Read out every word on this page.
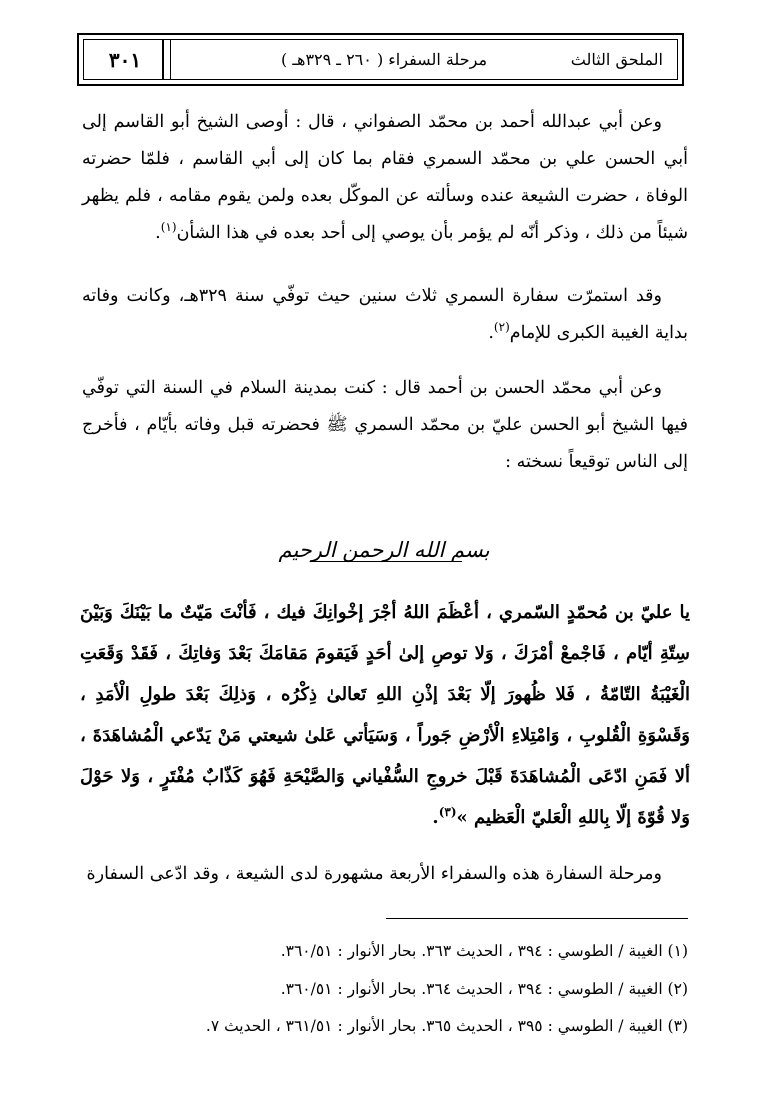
٣٠١	مرحلة السفراء ( ٢٦٠ ـ ٣٢٩هـ )	الملحق الثالث

وعن أبي عبدالله أحمد بن محمّد الصفواني ، قال : أوصى الشيخ أبو القاسم إلى أبي الحسن علي بن محمّد السمري فقام بما كان إلى أبي القاسم ، فلمّا حضرته الوفاة ، حضرت الشيعة عنده وسألته عن الموكّل بعده ولمن يقوم مقامه ، فلم يظهر شيئاً من ذلك ، وذكر أنّه لم يؤمر بأن يوصي إلى أحد بعده في هذا الشأن$^{(١)}$.

وقد استمرّت سفارة السمري ثلاث سنين حيث توفّي سنة ٣٢٩هـ، وكانت وفاته بداية الغيبة الكبرى للإمام$^{(٢)}$.

وعن أبي محمّد الحسن بن أحمد قال : كنت بمدينة السلام في السنة التي توفّي فيها الشيخ أبو الحسن عليّ بن محمّد السمري ﷺ فحضرته قبل وفاته بأيّام ، فأخرج إلى الناس توقيعاً نسخته :

بسم الله الرحمن الرحيم

يا عليّ بن مُحمّدٍ السّمري ، أعْظَمَ اللهُ أجْرَ إخْوانِكَ فيك ، فَأنْتَ مَيّتٌ ما بَيْنَكَ وَبَيْنَ سِتّةِ أيّام ، فَاجْمعْ أمْرَكَ ، وَلا توصِ إلىٰ أحَدٍ فَيَقومَ مَقامَكَ بَعْدَ وَفاتِكَ ، فَقَدْ وَقَعَتِ الْغَيْبَةُ التّامّةُ ، فَلا ظُهورَ إلّا بَعْدَ إذْنِ اللهِ تَعالىٰ ذِكْرُه ، وَذلِكَ بَعْدَ طولِ الْأمَدِ ، وَقَسْوَةِ الْقُلوبِ ، وَامْتِلاءِ الْأرْضِ جَوراً ، وَسَيَأتي عَلىٰ شيعتي مَنْ يَدّعي الْمُشاهَدَةَ ، ألا فَمَنِ ادّعَى الْمُشاهَدَةَ قَبْلَ خروجِ السُّفْياني وَالصَّيْحَةِ فَهُوَ كَذّابٌ مُفْتَرٍ ، وَلا حَوْلَ وَلا قُوّةَ إلّا بِاللهِ الْعَليّ الْعَظيم »$^{(٣)}$.

ومرحلة السفارة هذه والسفراء الأربعة مشهورة لدى الشيعة ، وقد ادّعى السفارة
(١) الغيبة / الطوسي : ٣٩٤ ، الحديث ٣٦٣. بحار الأنوار : ٣٦٠/٥١.
(٢) الغيبة / الطوسي : ٣٩٤ ، الحديث ٣٦٤. بحار الأنوار : ٣٦٠/٥١.
(٣) الغيبة / الطوسي : ٣٩٥ ، الحديث ٣٦٥. بحار الأنوار : ٣٦١/٥١ ، الحديث ٧.
